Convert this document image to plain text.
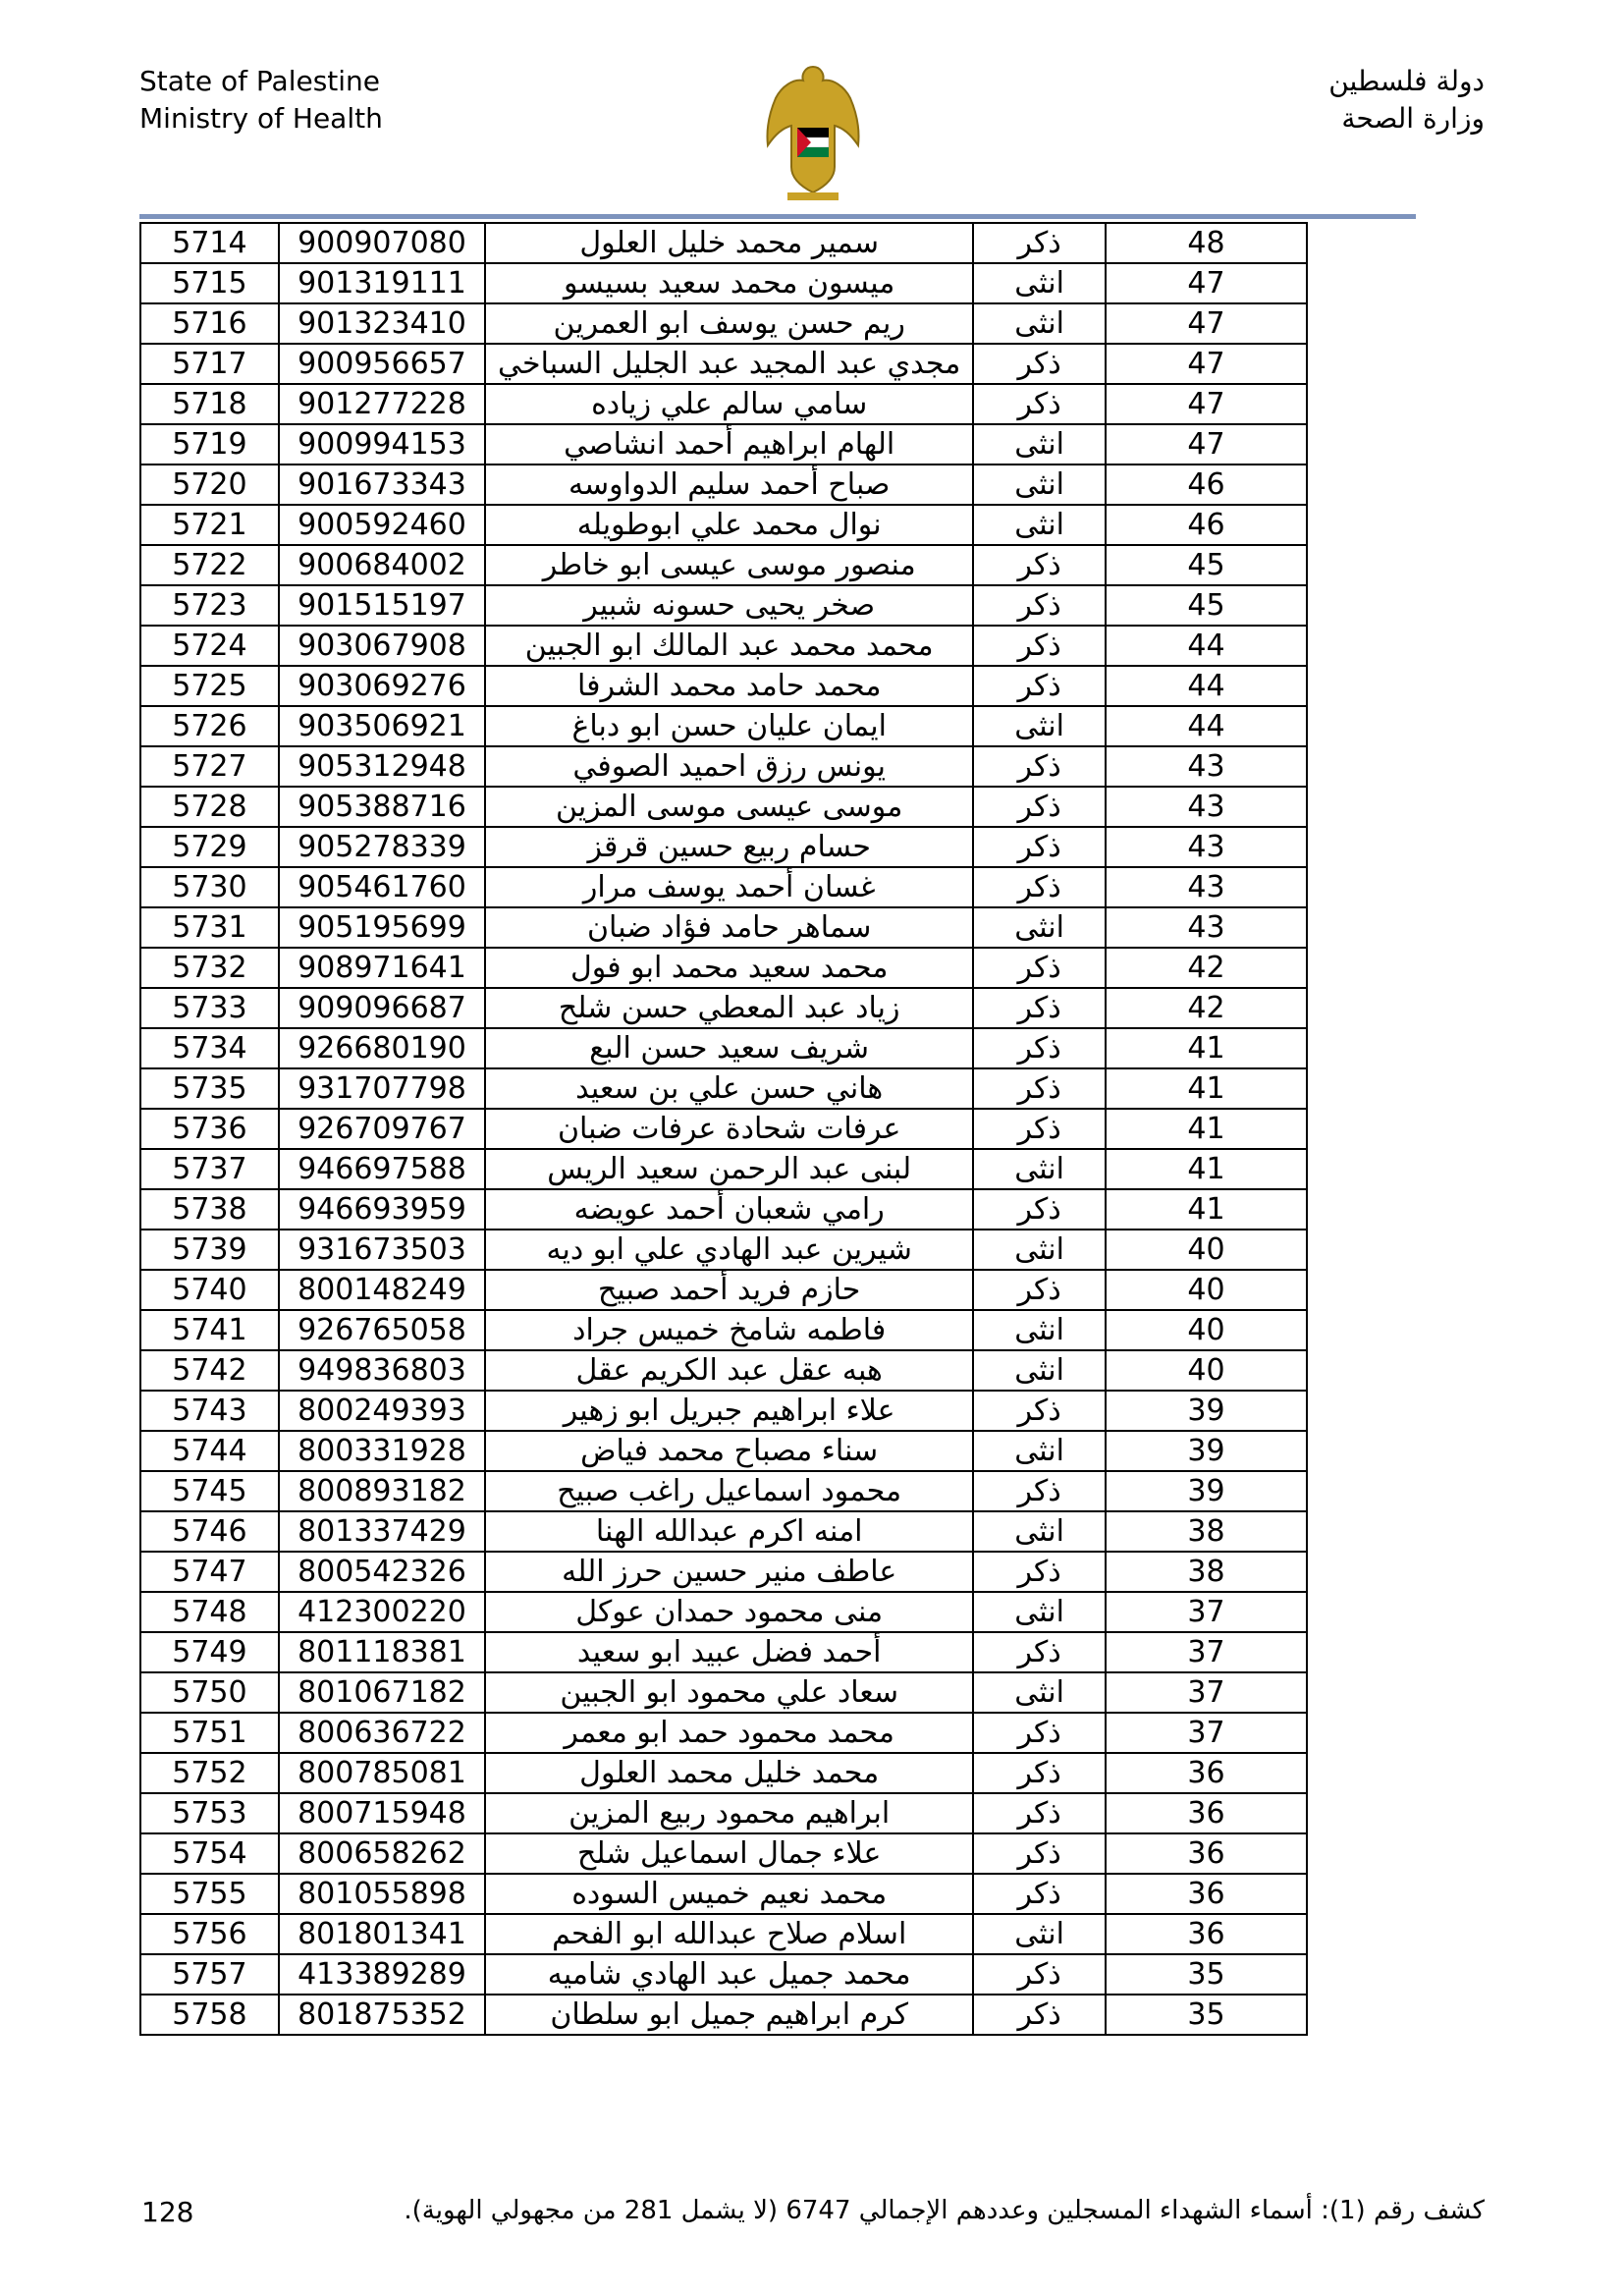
State of Palestine
Ministry of Health
دولة فلسطين
وزارة الصحة
5714	900907080	سمير محمد خليل العلول	ذكر	48
5715	901319111	ميسون محمد سعيد بسيسو	انثى	47
5716	901323410	ريم حسن يوسف ابو العمرين	انثى	47
5717	900956657	مجدي عبد المجيد عبد الجليل السباخي	ذكر	47
5718	901277228	سامي سالم علي زياده	ذكر	47
5719	900994153	الهام ابراهيم أحمد انشاصي	انثى	47
5720	901673343	صباح أحمد سليم الدواوسه	انثى	46
5721	900592460	نوال محمد علي ابوطويله	انثى	46
5722	900684002	منصور موسى عيسى ابو خاطر	ذكر	45
5723	901515197	صخر يحيى حسونه شبير	ذكر	45
5724	903067908	محمد محمد عبد المالك ابو الجبين	ذكر	44
5725	903069276	محمد حامد محمد الشرفا	ذكر	44
5726	903506921	ايمان عليان حسن ابو دباغ	انثى	44
5727	905312948	يونس رزق احميد الصوفي	ذكر	43
5728	905388716	موسى عيسى موسى المزين	ذكر	43
5729	905278339	حسام ربيع حسين قرقز	ذكر	43
5730	905461760	غسان أحمد يوسف مرار	ذكر	43
5731	905195699	سماهر حامد فؤاد ضبان	انثى	43
5732	908971641	محمد سعيد محمد ابو فول	ذكر	42
5733	909096687	زياد عبد المعطي حسن شلح	ذكر	42
5734	926680190	شريف سعيد حسن البع	ذكر	41
5735	931707798	هاني حسن علي بن سعيد	ذكر	41
5736	926709767	عرفات شحادة عرفات ضبان	ذكر	41
5737	946697588	لبنى عبد الرحمن سعيد الريس	انثى	41
5738	946693959	رامي شعبان أحمد عويضه	ذكر	41
5739	931673503	شيرين عبد الهادي علي ابو ديه	انثى	40
5740	800148249	حازم فريد أحمد صبيح	ذكر	40
5741	926765058	فاطمه شامخ خميس جراد	انثى	40
5742	949836803	هبه عقل عبد الكريم عقل	انثى	40
5743	800249393	علاء ابراهيم جبريل ابو زهير	ذكر	39
5744	800331928	سناء مصباح محمد فياض	انثى	39
5745	800893182	محمود اسماعيل راغب صبيح	ذكر	39
5746	801337429	امنه اكرم عبدالله الهنا	انثى	38
5747	800542326	عاطف منير حسين حرز الله	ذكر	38
5748	412300220	منى محمود حمدان عوكل	انثى	37
5749	801118381	أحمد فضل عبيد ابو سعيد	ذكر	37
5750	801067182	سعاد علي محمود ابو الجبين	انثى	37
5751	800636722	محمد محمود حمد ابو معمر	ذكر	37
5752	800785081	محمد خليل محمد العلول	ذكر	36
5753	800715948	ابراهيم محمود ربيع المزين	ذكر	36
5754	800658262	علاء جمال اسماعيل شلح	ذكر	36
5755	801055898	محمد نعيم خميس السوده	ذكر	36
5756	801801341	اسلام صلاح عبدالله ابو الفحم	انثى	36
5757	413389289	محمد جميل عبد الهادي شاميه	ذكر	35
5758	801875352	كرم ابراهيم جميل ابو سلطان	ذكر	35
128	كشف رقم (1): أسماء الشهداء المسجلين وعددهم الإجمالي 6747 (لا يشمل 281 من مجهولي الهوية).
